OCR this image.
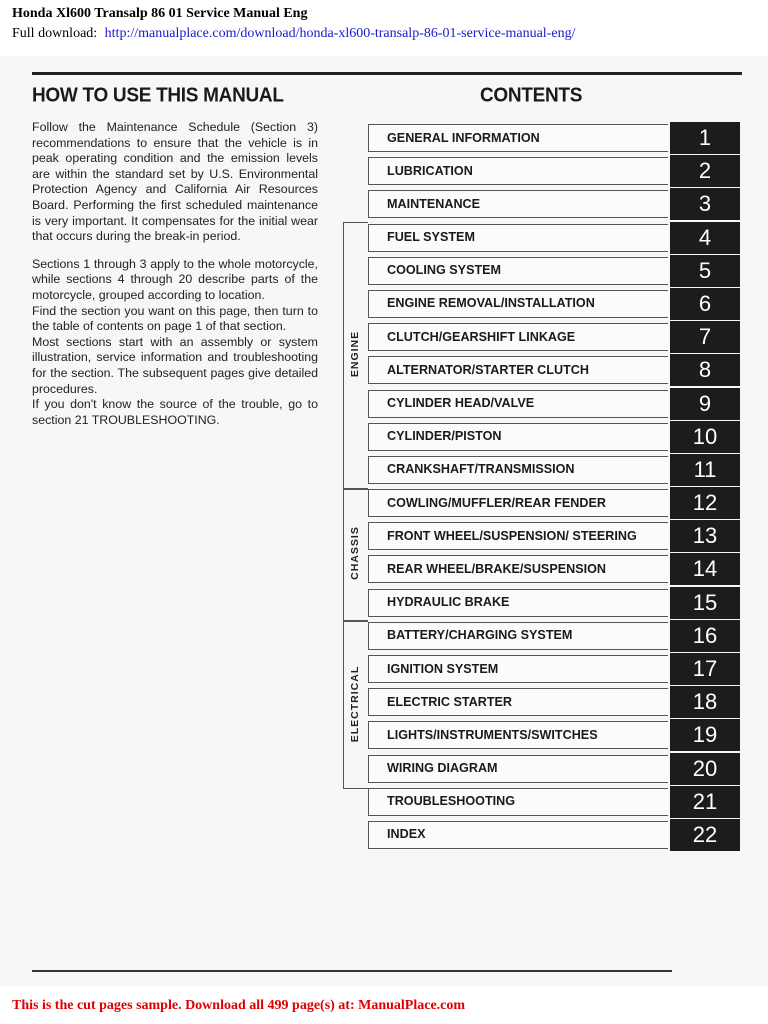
Honda Xl600 Transalp 86 01 Service Manual Eng
Full download: http://manualplace.com/download/honda-xl600-transalp-86-01-service-manual-eng/
HOW TO USE THIS MANUAL

Follow the Maintenance Schedule (Section 3) recommendations to ensure that the vehicle is in peak operating condition and the emission levels are within the standard set by U.S. Environmental Protection Agency and California Air Resources Board. Performing the first scheduled maintenance is very important. It compensates for the initial wear that occurs during the break-in period.

Sections 1 through 3 apply to the whole motorcycle, while sections 4 through 20 describe parts of the motorcycle, grouped according to location.

Find the section you want on this page, then turn to the table of contents on page 1 of that section.

Most sections start with an assembly or system illustration, service information and troubleshooting for the section. The subsequent pages give detailed procedures.

If you don't know the source of the trouble, go to section 21 TROUBLESHOOTING.

CONTENTS
ENGINE
CHASSIS
ELECTRICAL
GENERAL INFORMATION	1
LUBRICATION	2
MAINTENANCE	3
FUEL SYSTEM	4
COOLING SYSTEM	5
ENGINE REMOVAL/INSTALLATION	6
CLUTCH/GEARSHIFT LINKAGE	7
ALTERNATOR/STARTER CLUTCH	8
CYLINDER HEAD/VALVE	9
CYLINDER/PISTON	10
CRANKSHAFT/TRANSMISSION	11
COWLING/MUFFLER/REAR FENDER	12
FRONT WHEEL/SUSPENSION/ STEERING	13
REAR WHEEL/BRAKE/SUSPENSION	14
HYDRAULIC BRAKE	15
BATTERY/CHARGING SYSTEM	16
IGNITION SYSTEM	17
ELECTRIC STARTER	18
LIGHTS/INSTRUMENTS/SWITCHES	19
WIRING DIAGRAM	20
TROUBLESHOOTING	21
INDEX	22
This is the cut pages sample. Download all 499 page(s) at: ManualPlace.com
